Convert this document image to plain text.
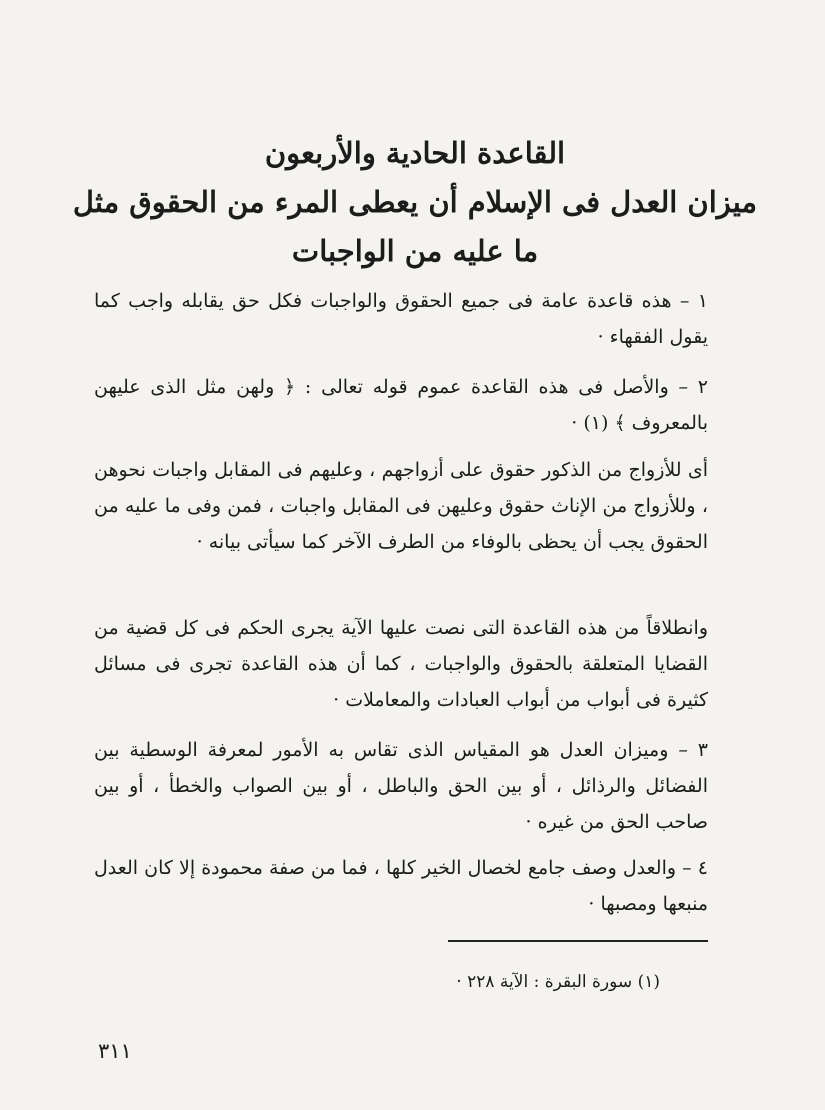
القاعدة الحادية والأربعون
ميزان العدل فى الإسلام أن يعطى المرء من الحقوق مثل
ما عليه من الواجبات
١ – هذه قاعدة عامة فى جميع الحقوق والواجبات فكل حق يقابله واجب كما يقول الفقهاء ·
٢ – والأصل فى هذه القاعدة عموم قوله تعالى : ﴿ ولهن مثل الذى عليهن بالمعروف ﴾ (١) ·
أى للأزواج من الذكور حقوق على أزواجهم ، وعليهم فى المقابل واجبات نحوهن ، وللأزواج من الإناث حقوق وعليهن فى المقابل واجبات ، فمن وفى ما عليه من الحقوق يجب أن يحظى بالوفاء من الطرف الآخر كما سيأتى بيانه ·
وانطلاقاً من هذه القاعدة التى نصت عليها الآية يجرى الحكم فى كل قضية من القضايا المتعلقة بالحقوق والواجبات ، كما أن هذه القاعدة تجرى فى مسائل كثيرة فى أبواب من أبواب العبادات والمعاملات ·
٣ – وميزان العدل هو المقياس الذى تقاس به الأمور لمعرفة الوسطية بين الفضائل والرذائل ، أو بين الحق والباطل ، أو بين الصواب والخطأ ، أو بين صاحب الحق من غيره ·
٤ – والعدل وصف جامع لخصال الخير كلها ، فما من صفة محمودة إلا كان العدل منبعها ومصبها ·
(١) سورة البقرة : الآية ٢٢٨ ·
٣١١
